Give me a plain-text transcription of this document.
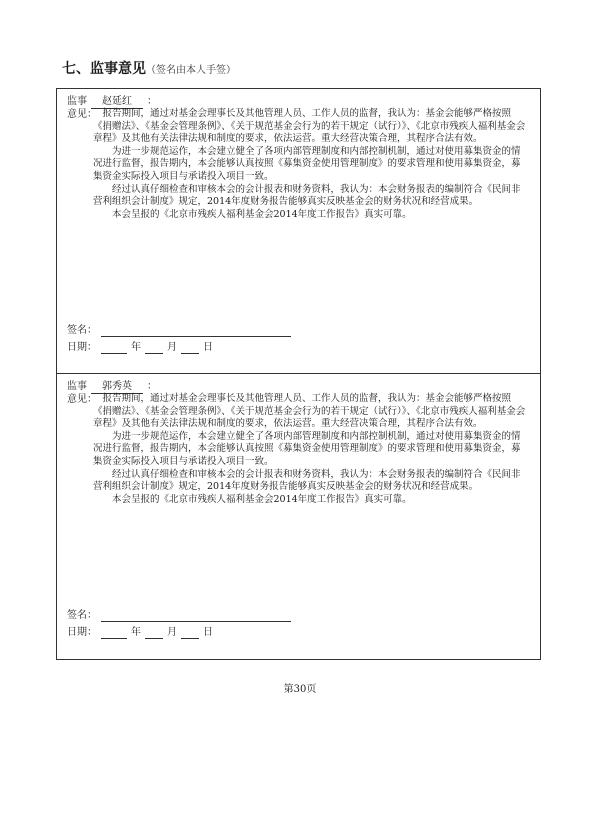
七、监事意见（签名由本人手签）
监事 赵延红 ：
意见： 报告期间，通过对基金会理事长及其他管理人员、工作人员的监督，我认为：基金会能够严格按照《捐赠法》、《基金会管理条例》、《关于规范基金会行为的若干规定（试行）》、《北京市残疾人福利基金会章程》及其他有关法律法规和制度的要求，依法运营。重大经营决策合理，其程序合法有效。

为进一步规范运作，本会建立健全了各项内部管理制度和内部控制机制，通过对使用募集资金的情况进行监督，报告期内，本会能够认真按照《募集资金使用管理制度》的要求管理和使用募集资金，募集资金实际投入项目与承诺投入项目一致。

经过认真仔细检查和审核本会的会计报表和财务资料，我认为：本会财务报表的编制符合《民间非营利组织会计制度》规定，2014年度财务报告能够真实反映基金会的财务状况和经营成果。

本会呈报的《北京市残疾人福利基金会2014年度工作报告》真实可靠。

签名：
日期：	年	月	日
监事 郭秀英 ：
意见： 报告期间，通过对基金会理事长及其他管理人员、工作人员的监督，我认为：基金会能够严格按照《捐赠法》、《基金会管理条例》、《关于规范基金会行为的若干规定（试行）》、《北京市残疾人福利基金会章程》及其他有关法律法规和制度的要求，依法运营。重大经营决策合理，其程序合法有效。

为进一步规范运作，本会建立健全了各项内部管理制度和内部控制机制，通过对使用募集资金的情况进行监督，报告期内，本会能够认真按照《募集资金使用管理制度》的要求管理和使用募集资金，募集资金实际投入项目与承诺投入项目一致。

经过认真仔细检查和审核本会的会计报表和财务资料，我认为：本会财务报表的编制符合《民间非营利组织会计制度》规定，2014年度财务报告能够真实反映基金会的财务状况和经营成果。

本会呈报的《北京市残疾人福利基金会2014年度工作报告》真实可靠。

签名：
日期：	年	月	日
第30页
